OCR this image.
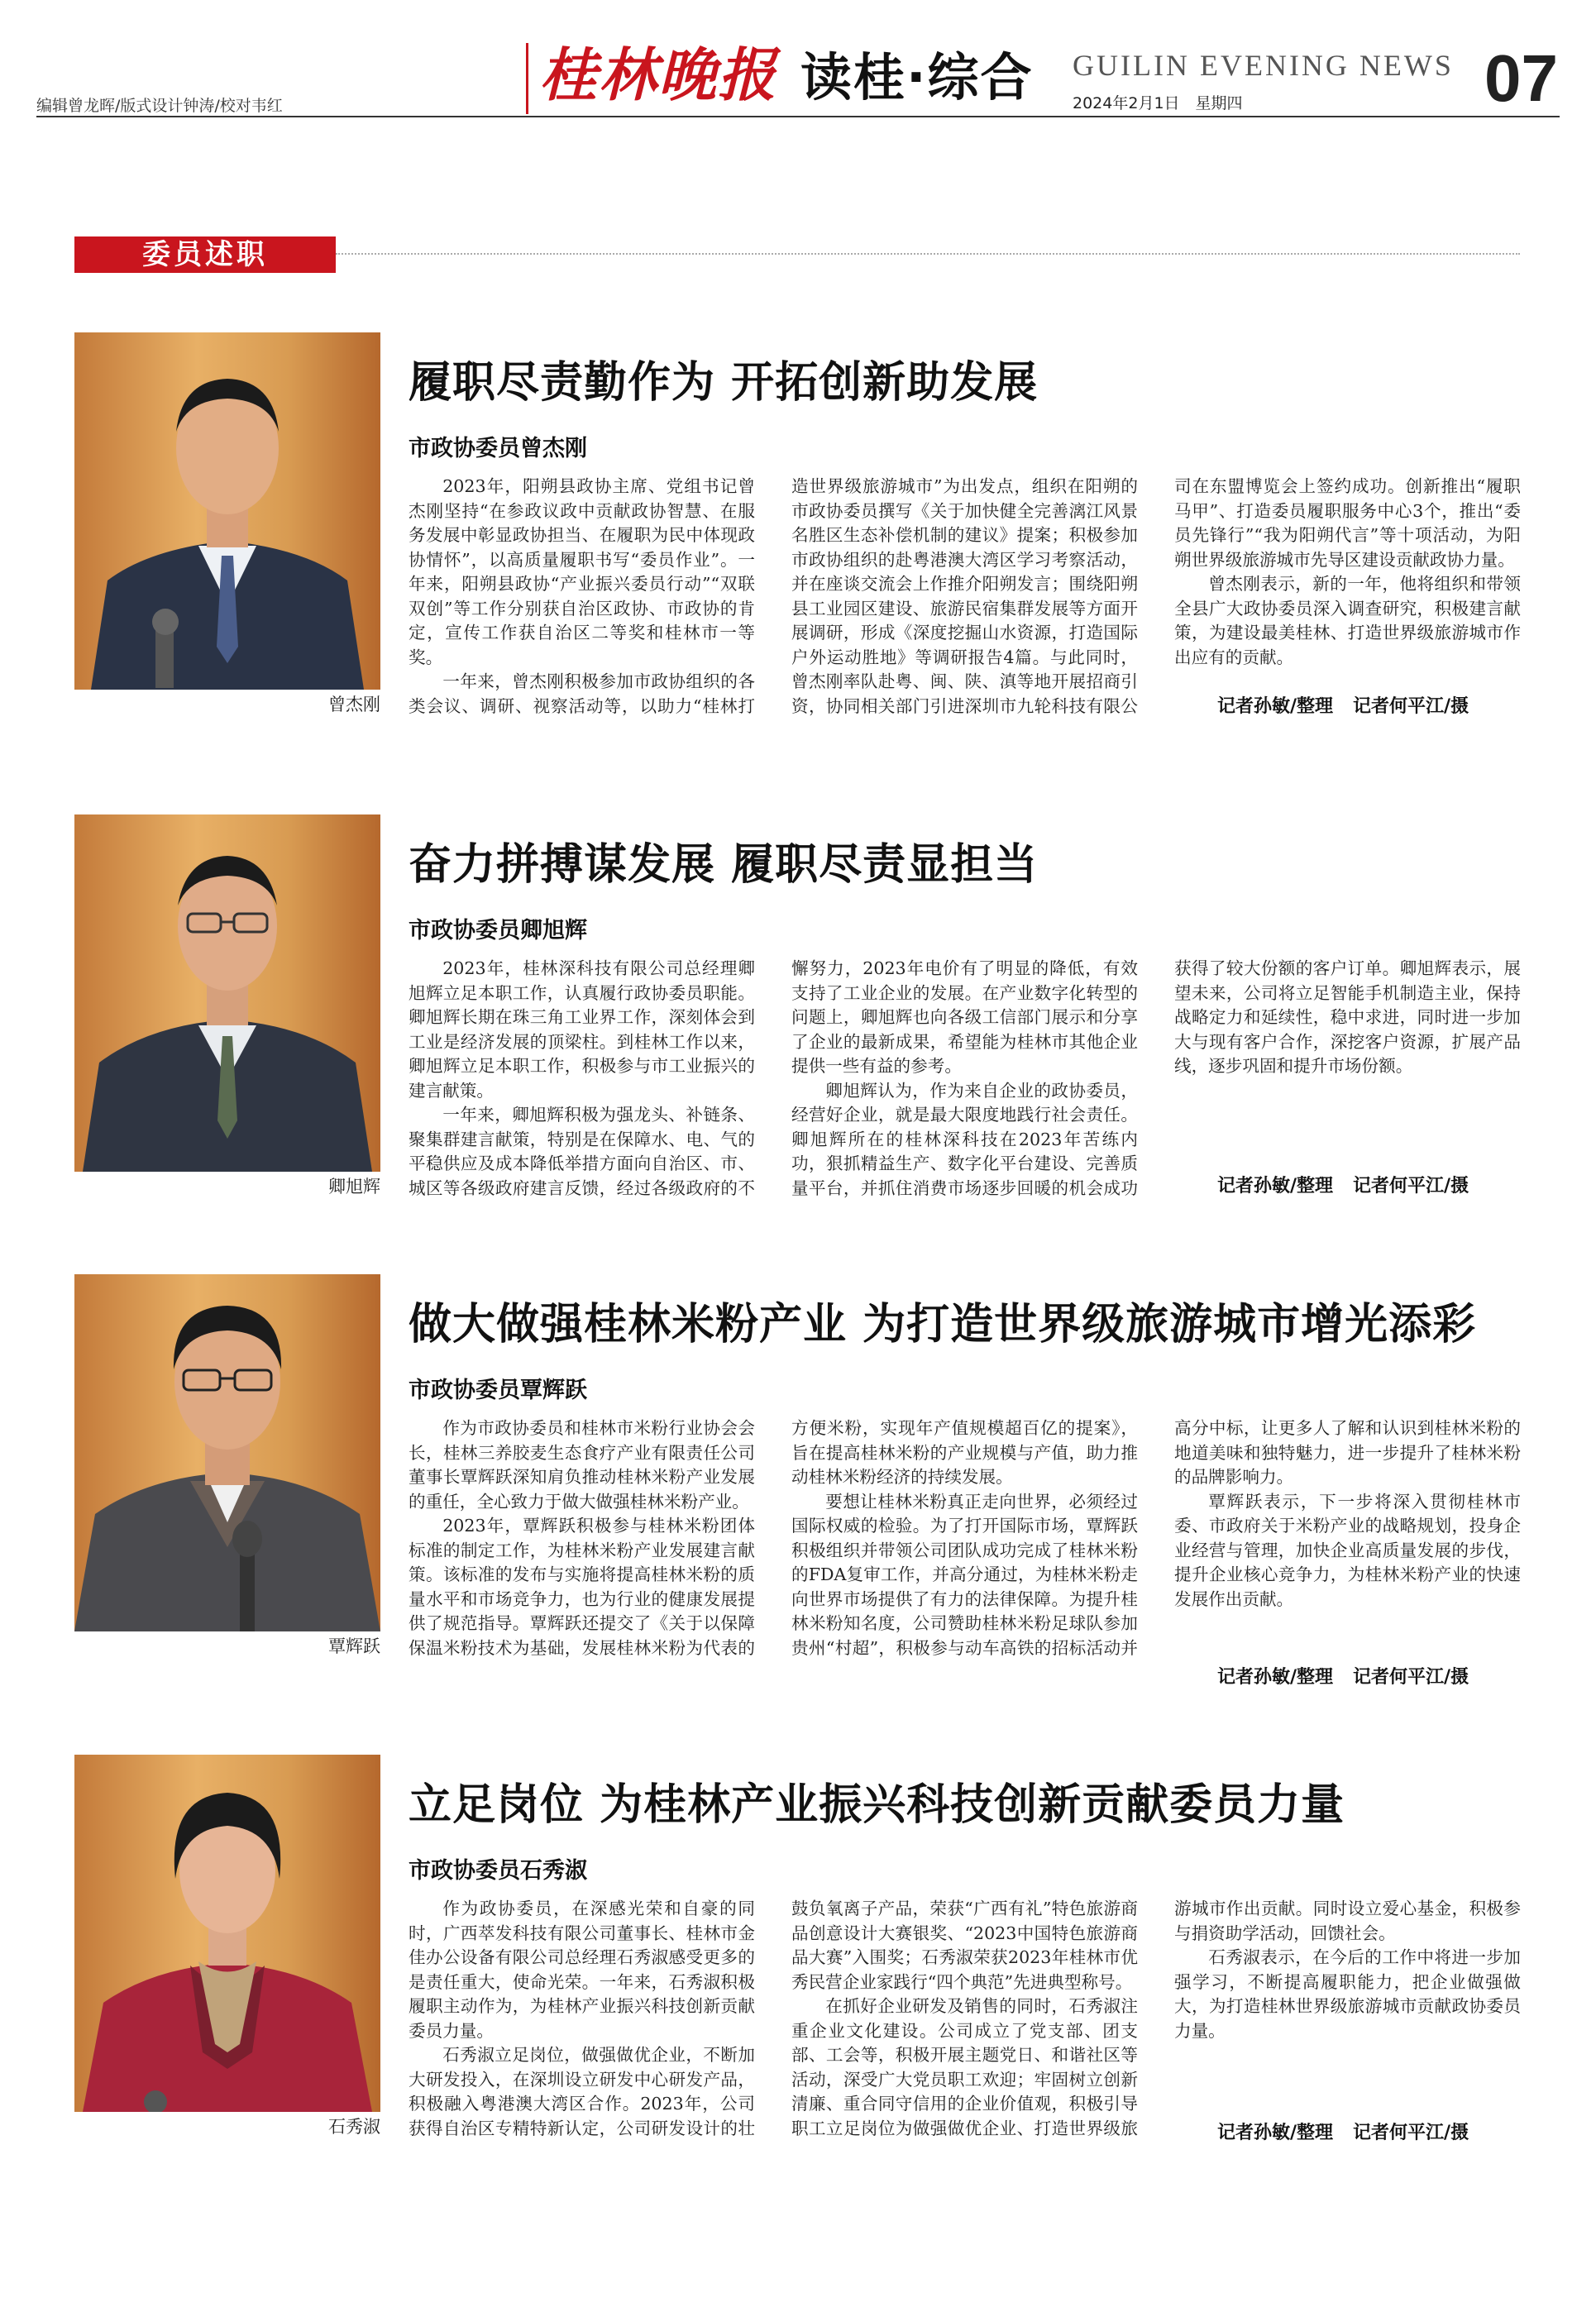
编辑曾龙晖/版式设计钟涛/校对韦红	桂林晚报 读桂·综合 GUILIN EVENING NEWS
2024年2月1日　星期四	07
委员述职
曾杰刚
履职尽责勤作为 开拓创新助发展
市政协委员曾杰刚

2023年，阳朔县政协主席、党组书记曾杰刚坚持“在参政议政中贡献政协智慧、在服务发展中彰显政协担当、在履职为民中体现政协情怀”，以高质量履职书写“委员作业”。一年来，阳朔县政协“产业振兴委员行动”“双联双创”等工作分别获自治区政协、市政协的肯定，宣传工作获自治区二等奖和桂林市一等奖。

一年来，曾杰刚积极参加市政协组织的各类会议、调研、视察活动等，以助力“桂林打造世界级旅游城市”为出发点，组织在阳朔的市政协委员撰写《关于加快健全完善漓江风景名胜区生态补偿机制的建议》提案；积极参加市政协组织的赴粤港澳大湾区学习考察活动，并在座谈交流会上作推介阳朔发言；围绕阳朔县工业园区建设、旅游民宿集群发展等方面开展调研，形成《深度挖掘山水资源，打造国际户外运动胜地》等调研报告4篇。与此同时，曾杰刚率队赴粤、闽、陕、滇等地开展招商引资，协同相关部门引进深圳市九轮科技有限公司在东盟博览会上签约成功。创新推出“履职马甲”、打造委员履职服务中心3个，推出“委员先锋行”“我为阳朔代言”等十项活动，为阳朔世界级旅游城市先导区建设贡献政协力量。

曾杰刚表示，新的一年，他将组织和带领全县广大政协委员深入调查研究，积极建言献策，为建设最美桂林、打造世界级旅游城市作出应有的贡献。

记者孙敏/整理 记者何平江/摄
卿旭辉
奋力拼搏谋发展 履职尽责显担当
市政协委员卿旭辉

2023年，桂林深科技有限公司总经理卿旭辉立足本职工作，认真履行政协委员职能。卿旭辉长期在珠三角工业界工作，深刻体会到工业是经济发展的顶梁柱。到桂林工作以来，卿旭辉立足本职工作，积极参与市工业振兴的建言献策。

一年来，卿旭辉积极为强龙头、补链条、聚集群建言献策，特别是在保障水、电、气的平稳供应及成本降低举措方面向自治区、市、城区等各级政府建言反馈，经过各级政府的不懈努力，2023年电价有了明显的降低，有效支持了工业企业的发展。在产业数字化转型的问题上，卿旭辉也向各级工信部门展示和分享了企业的最新成果，希望能为桂林市其他企业提供一些有益的参考。

卿旭辉认为，作为来自企业的政协委员，经营好企业，就是最大限度地践行社会责任。卿旭辉所在的桂林深科技在2023年苦练内功，狠抓精益生产、数字化平台建设、完善质量平台，并抓住消费市场逐步回暖的机会成功获得了较大份额的客户订单。卿旭辉表示，展望未来，公司将立足智能手机制造主业，保持战略定力和延续性，稳中求进，同时进一步加大与现有客户合作，深挖客户资源，扩展产品线，逐步巩固和提升市场份额。

记者孙敏/整理 记者何平江/摄
覃辉跃
做大做强桂林米粉产业 为打造世界级旅游城市增光添彩
市政协委员覃辉跃

作为市政协委员和桂林市米粉行业协会会长，桂林三养胶麦生态食疗产业有限责任公司董事长覃辉跃深知肩负推动桂林米粉产业发展的重任，全心致力于做大做强桂林米粉产业。

2023年，覃辉跃积极参与桂林米粉团体标准的制定工作，为桂林米粉产业发展建言献策。该标准的发布与实施将提高桂林米粉的质量水平和市场竞争力，也为行业的健康发展提供了规范指导。覃辉跃还提交了《关于以保障保温米粉技术为基础，发展桂林米粉为代表的方便米粉，实现年产值规模超百亿的提案》，旨在提高桂林米粉的产业规模与产值，助力推动桂林米粉经济的持续发展。

要想让桂林米粉真正走向世界，必须经过国际权威的检验。为了打开国际市场，覃辉跃积极组织并带领公司团队成功完成了桂林米粉的FDA复审工作，并高分通过，为桂林米粉走向世界市场提供了有力的法律保障。为提升桂林米粉知名度，公司赞助桂林米粉足球队参加贵州“村超”，积极参与动车高铁的招标活动并高分中标，让更多人了解和认识到桂林米粉的地道美味和独特魅力，进一步提升了桂林米粉的品牌影响力。

覃辉跃表示，下一步将深入贯彻桂林市委、市政府关于米粉产业的战略规划，投身企业经营与管理，加快企业高质量发展的步伐，提升企业核心竞争力，为桂林米粉产业的快速发展作出贡献。

记者孙敏/整理 记者何平江/摄
石秀淑
立足岗位 为桂林产业振兴科技创新贡献委员力量
市政协委员石秀淑

作为政协委员，在深感光荣和自豪的同时，广西萃发科技有限公司董事长、桂林市金佳办公设备有限公司总经理石秀淑感受更多的是责任重大，使命光荣。一年来，石秀淑积极履职主动作为，为桂林产业振兴科技创新贡献委员力量。

石秀淑立足岗位，做强做优企业，不断加大研发投入，在深圳设立研发中心研发产品，积极融入粤港澳大湾区合作。2023年，公司获得自治区专精特新认定，公司研发设计的壮鼓负氧离子产品，荣获“广西有礼”特色旅游商品创意设计大赛银奖、“2023中国特色旅游商品大赛”入围奖；石秀淑荣获2023年桂林市优秀民营企业家践行“四个典范”先进典型称号。

在抓好企业研发及销售的同时，石秀淑注重企业文化建设。公司成立了党支部、团支部、工会等，积极开展主题党日、和谐社区等活动，深受广大党员职工欢迎；牢固树立创新清廉、重合同守信用的企业价值观，积极引导职工立足岗位为做强做优企业、打造世界级旅游城市作出贡献。同时设立爱心基金，积极参与捐资助学活动，回馈社会。

石秀淑表示，在今后的工作中将进一步加强学习，不断提高履职能力，把企业做强做大，为打造桂林世界级旅游城市贡献政协委员力量。

记者孙敏/整理 记者何平江/摄
